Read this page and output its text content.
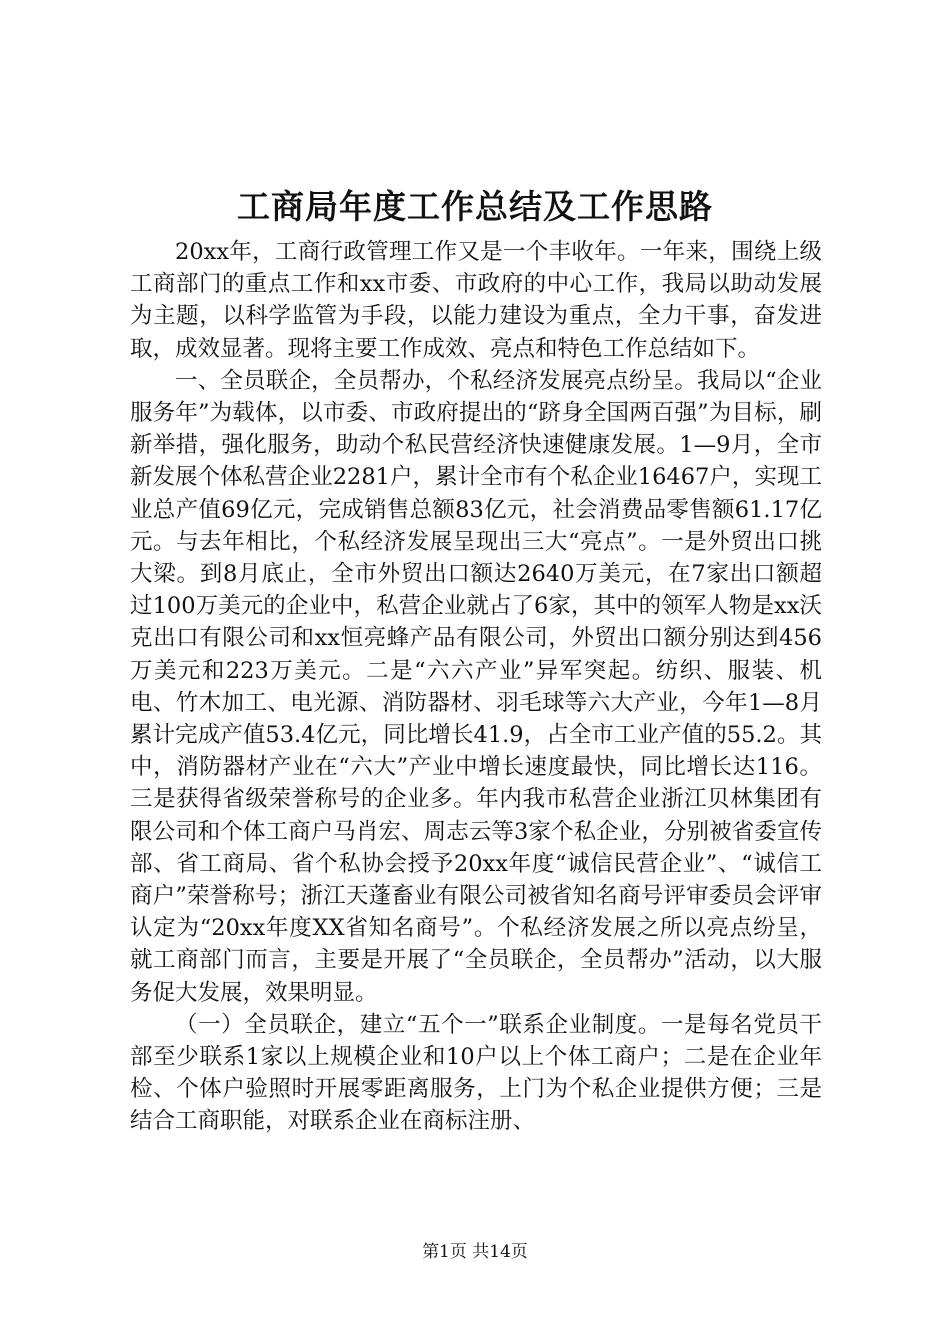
工商局年度工作总结及工作思路

20xx年，工商行政管理工作又是一个丰收年。一年来，围绕上级工商部门的重点工作和xx市委、市政府的中心工作，我局以助动发展为主题，以科学监管为手段，以能力建设为重点，全力干事，奋发进取，成效显著。现将主要工作成效、亮点和特色工作总结如下。

一、全员联企，全员帮办，个私经济发展亮点纷呈。我局以“企业服务年”为载体，以市委、市政府提出的“跻身全国两百强”为目标，刷新举措，强化服务，助动个私民营经济快速健康发展。1—9月，全市新发展个体私营企业2281户，累计全市有个私企业16467户，实现工业总产值69亿元，完成销售总额83亿元，社会消费品零售额61.17亿元。与去年相比，个私经济发展呈现出三大“亮点”。一是外贸出口挑大梁。到8月底止，全市外贸出口额达2640万美元，在7家出口额超过100万美元的企业中，私营企业就占了6家，其中的领军人物是xx沃克出口有限公司和xx恒亮蜂产品有限公司，外贸出口额分别达到456万美元和223万美元。二是“六六产业”异军突起。纺织、服装、机电、竹木加工、电光源、消防器材、羽毛球等六大产业，今年1—8月累计完成产值53.4亿元，同比增长41.9，占全市工业产值的55.2。其中，消防器材产业在“六大”产业中增长速度最快，同比增长达116。三是获得省级荣誉称号的企业多。年内我市私营企业浙江贝林集团有限公司和个体工商户马肖宏、周志云等3家个私企业，分别被省委宣传部、省工商局、省个私协会授予20xx年度“诚信民营企业”、“诚信工商户”荣誉称号；浙江天蓬畜业有限公司被省知名商号评审委员会评审认定为“20xx年度XX省知名商号”。个私经济发展之所以亮点纷呈，就工商部门而言，主要是开展了“全员联企，全员帮办”活动，以大服务促大发展，效果明显。

（一）全员联企，建立“五个一”联系企业制度。一是每名党员干部至少联系1家以上规模企业和10户以上个体工商户；二是在企业年检、个体户验照时开展零距离服务，上门为个私企业提供方便；三是结合工商职能，对联系企业在商标注册、

第1页 共14页
